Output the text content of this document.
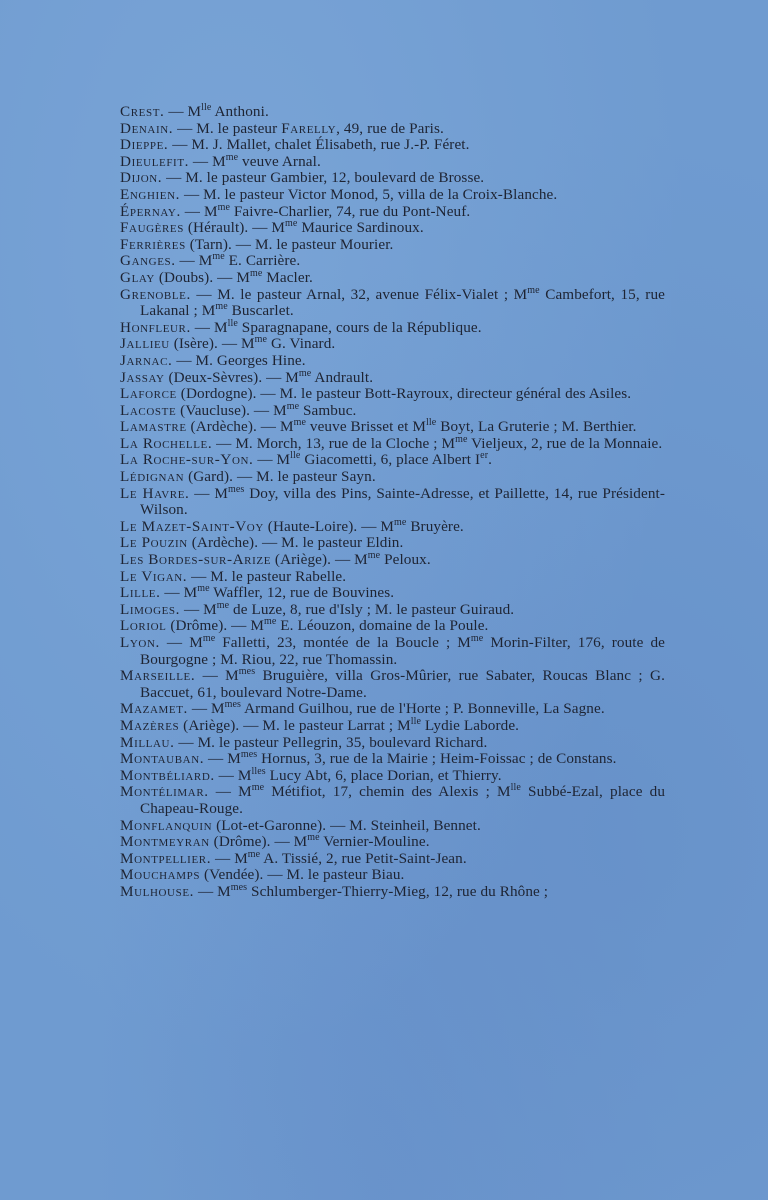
Crest. — $M^{lle}$ Anthoni.
Denain. — M. le pasteur Farelly, 49, rue de Paris.
Dieppe. — M. J. Mallet, chalet Élisabeth, rue J.-P. Féret.
Dieulefit. — $M^{me}$ veuve Arnal.
Dijon. — M. le pasteur Gambier, 12, boulevard de Brosse.
Enghien. — M. le pasteur Victor Monod, 5, villa de la Croix-Blanche.
Épernay. — $M^{me}$ Faivre-Charlier, 74, rue du Pont-Neuf.
Faugères (Hérault). — $M^{me}$ Maurice Sardinoux.
Ferrières (Tarn). — M. le pasteur Mourier.
Ganges. — $M^{me}$ E. Carrière.
Glay (Doubs). — $M^{me}$ Macler.
Grenoble. — M. le pasteur Arnal, 32, avenue Félix-Vialet ; $M^{me}$ Cambefort, 15, rue Lakanal ; $M^{me}$ Buscarlet.
Honfleur. — $M^{lle}$ Sparagnapane, cours de la République.
Jallieu (Isère). — $M^{me}$ G. Vinard.
Jarnac. — M. Georges Hine.
Jassay (Deux-Sèvres). — $M^{me}$ Andrault.
Laforce (Dordogne). — M. le pasteur Bott-Rayroux, directeur général des Asiles.
Lacoste (Vaucluse). — $M^{me}$ Sambuc.
Lamastre (Ardèche). — $M^{me}$ veuve Brisset et $M^{lle}$ Boyt, La Gruterie ; M. Berthier.
La Rochelle. — M. Morch, 13, rue de la Cloche ; $M^{me}$ Vieljeux, 2, rue de la Monnaie.
La Roche-sur-Yon. — $M^{lle}$ Giacometti, 6, place Albert Ier.
Lédignan (Gard). — M. le pasteur Sayn.
Le Havre. — $M^{mes}$ Doy, villa des Pins, Sainte-Adresse, et Paillette, 14, rue Président-Wilson.
Le Mazet-Saint-Voy (Haute-Loire). — $M^{me}$ Bruyère.
Le Pouzin (Ardèche). — M. le pasteur Eldin.
Les Bordes-sur-Arize (Ariège). — $M^{me}$ Peloux.
Le Vigan. — M. le pasteur Rabelle.
Lille. — $M^{me}$ Waffler, 12, rue de Bouvines.
Limoges. — $M^{me}$ de Luze, 8, rue d'Isly ; M. le pasteur Guiraud.
Loriol (Drôme). — $M^{me}$ E. Léouzon, domaine de la Poule.
Lyon. — $M^{me}$ Falletti, 23, montée de la Boucle ; $M^{me}$ Morin-Filter, 176, route de Bourgogne ; M. Riou, 22, rue Thomassin.
Marseille. — $M^{mes}$ Bruguière, villa Gros-Mûrier, rue Sabater, Roucas Blanc ; G. Baccuet, 61, boulevard Notre-Dame.
Mazamet. — $M^{mes}$ Armand Guilhou, rue de l'Horte ; P. Bonneville, La Sagne.
Mazères (Ariège). — M. le pasteur Larrat ; $M^{lle}$ Lydie Laborde.
Millau. — M. le pasteur Pellegrin, 35, boulevard Richard.
Montauban. — $M^{mes}$ Hornus, 3, rue de la Mairie ; Heim-Foissac ; de Constans.
Montbéliard. — $M^{lles}$ Lucy Abt, 6, place Dorian, et Thierry.
Montélimar. — $M^{me}$ Métifiot, 17, chemin des Alexis ; $M^{lle}$ Subbé-Ezal, place du Chapeau-Rouge.
Monflanquin (Lot-et-Garonne). — M. Steinheil, Bennet.
Montmeyran (Drôme). — $M^{me}$ Vernier-Mouline.
Montpellier. — $M^{me}$ A. Tissié, 2, rue Petit-Saint-Jean.
Mouchamps (Vendée). — M. le pasteur Biau.
Mulhouse. — $M^{mes}$ Schlumberger-Thierry-Mieg, 12, rue du Rhône ;
